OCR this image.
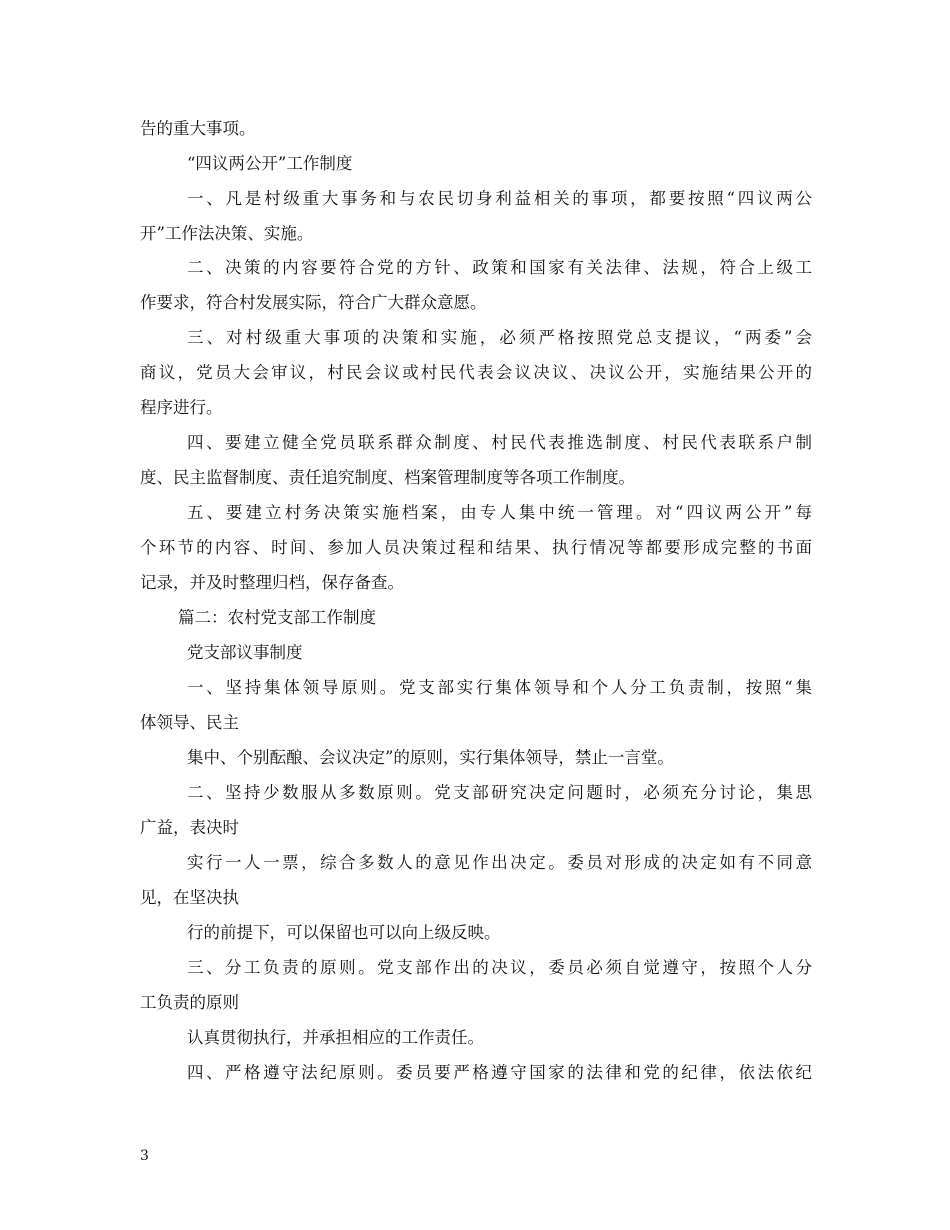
告的重大事项。
“四议两公开”工作制度
一、凡是村级重大事务和与农民切身利益相关的事项，都要按照“四议两公
开”工作法决策、实施。
二、决策的内容要符合党的方针、政策和国家有关法律、法规，符合上级工
作要求，符合村发展实际，符合广大群众意愿。
三、对村级重大事项的决策和实施，必须严格按照党总支提议，“两委”会
商议，党员大会审议，村民会议或村民代表会议决议、决议公开，实施结果公开的
程序进行。
四、要建立健全党员联系群众制度、村民代表推选制度、村民代表联系户制
度、民主监督制度、责任追究制度、档案管理制度等各项工作制度。
五、要建立村务决策实施档案，由专人集中统一管理。对“四议两公开”每
个环节的内容、时间、参加人员决策过程和结果、执行情况等都要形成完整的书面
记录，并及时整理归档，保存备查。
篇二：农村党支部工作制度
党支部议事制度
一、坚持集体领导原则。党支部实行集体领导和个人分工负责制，按照“集
体领导、民主
集中、个别酝酿、会议决定”的原则，实行集体领导，禁止一言堂。
二、坚持少数服从多数原则。党支部研究决定问题时，必须充分讨论，集思
广益，表决时
实行一人一票，综合多数人的意见作出决定。委员对形成的决定如有不同意
见，在坚决执
行的前提下，可以保留也可以向上级反映。
三、分工负责的原则。党支部作出的决议，委员必须自觉遵守，按照个人分
工负责的原则
认真贯彻执行，并承担相应的工作责任。
四、严格遵守法纪原则。委员要严格遵守国家的法律和党的纪律，依法依纪
3
